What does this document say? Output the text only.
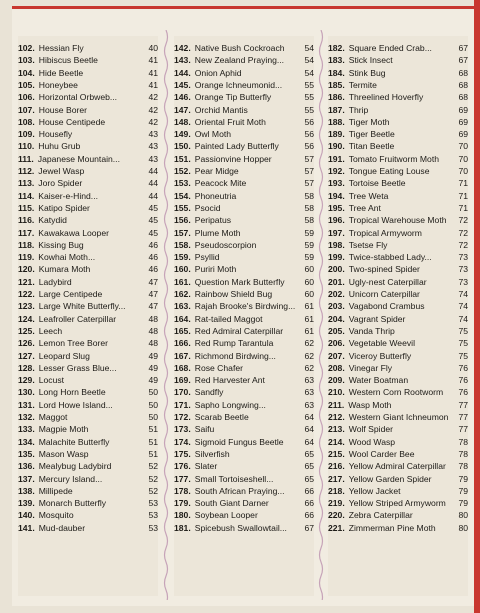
102. Hessian Fly	40
103. Hibiscus Beetle	41
104. Hide Beetle	41
105. Honeybee	41
106. Horizontal Orbweb...	42
107. House Borer	42
108. House Centipede	42
109. Housefly	43
110. Huhu Grub	43
111. Japanese Mountain...	43
112. Jewel Wasp	44
113. Joro Spider	44
114. Kaiser-e-Hind...	44
115. Katipo Spider	45
116. Katydid	45
117. Kawakawa Looper	45
118. Kissing Bug	46
119. Kowhai Moth...	46
120. Kumara Moth	46
121. Ladybird	47
122. Large Centipede	47
123. Large White Butterfly...	47
124. Leafroller Caterpillar	48
125. Leech	48
126. Lemon Tree Borer	48
127. Leopard Slug	49
128. Lesser Grass Blue...	49
129. Locust	49
130. Long Horn Beetle	50
131. Lord Howe Island...	50
132. Maggot	50
133. Magpie Moth	51
134. Malachite Butterfly	51
135. Mason Wasp	51
136. Mealybug Ladybird	52
137. Mercury Island...	52
138. Millipede	52
139. Monarch Butterfly	53
140. Mosquito	53
141. Mud-dauber	53
142. Native Bush Cockroach 54
143. New Zealand Praying... 54
144. Onion Aphid	54
145. Orange Ichneumonid...	55
146. Orange Tip Butterfly	55
147. Orchid Mantis	55
148. Oriental Fruit Moth	56
149. Owl Moth	56
150. Painted Lady Butterfly	56
151. Passionvine Hopper	57
152. Pear Midge	57
153. Peacock Mite	57
154. Phoneutria	58
155. Psocid	58
156. Peripatus	58
157. Plume Moth	59
158. Pseudoscorpion	59
159. Psyllid	59
160. Puriri Moth	60
161. Question Mark Butterfly 60
162. Rainbow Shield Bug	60
163. Rajah Brooke's Birdwing... 61
164. Rat-tailed Maggot	61
165. Red Admiral Caterpillar 61
166. Red Rump Tarantula	62
167. Richmond Birdwing...	62
168. Rose Chafer	62
169. Red Harvester Ant	63
170. Sandfly	63
171. Sapho Longwing...	63
172. Scarab Beetle	64
173. Saifu	64
174. Sigmoid Fungus Beetle 64
175. Silverfish	65
176. Slater	65
177. Small Tortoiseshell...	65
178. South African Praying... 66
179. South Giant Darner	66
180. Soybean Looper	66
181. Spicebush Swallowtail... 67
182. Square Ended Crab...	67
183. Stick Insect	67
184. Stink Bug	68
185. Termite	68
186. Threelined Hoverfly	68
187. Thrip	69
188. Tiger Moth	69
189. Tiger Beetle	69
190. Titan Beetle	70
191. Tomato Fruitworm Moth 70
192. Tongue Eating Louse	70
193. Tortoise Beetle	71
194. Tree Weta	71
195. Tree Ant	71
196. Tropical Warehouse Moth 72
197. Tropical Armyworm	72
198. Tsetse Fly	72
199. Twice-stabbed Lady...	73
200. Two-spined Spider	73
201. Ugly-nest Caterpillar	73
202. Unicorn Caterpillar	74
203. Vagabond Crambus	74
204. Vagrant Spider	74
205. Vanda Thrip	75
206. Vegetable Weevil	75
207. Viceroy Butterfly	75
208. Vinegar Fly	76
209. Water Boatman	76
210. Western Corn Rootworm 76
211. Wasp Moth	77
212. Western Giant Ichneumon 77
213. Wolf Spider	77
214. Wood Wasp	78
215. Wool Carder Bee	78
216. Yellow Admiral Caterpillar 78
217. Yellow Garden Spider	79
218. Yellow Jacket	79
219. Yellow Striped Armyworm 79
220. Zebra Caterpillar	80
221. Zimmerman Pine Moth	80
